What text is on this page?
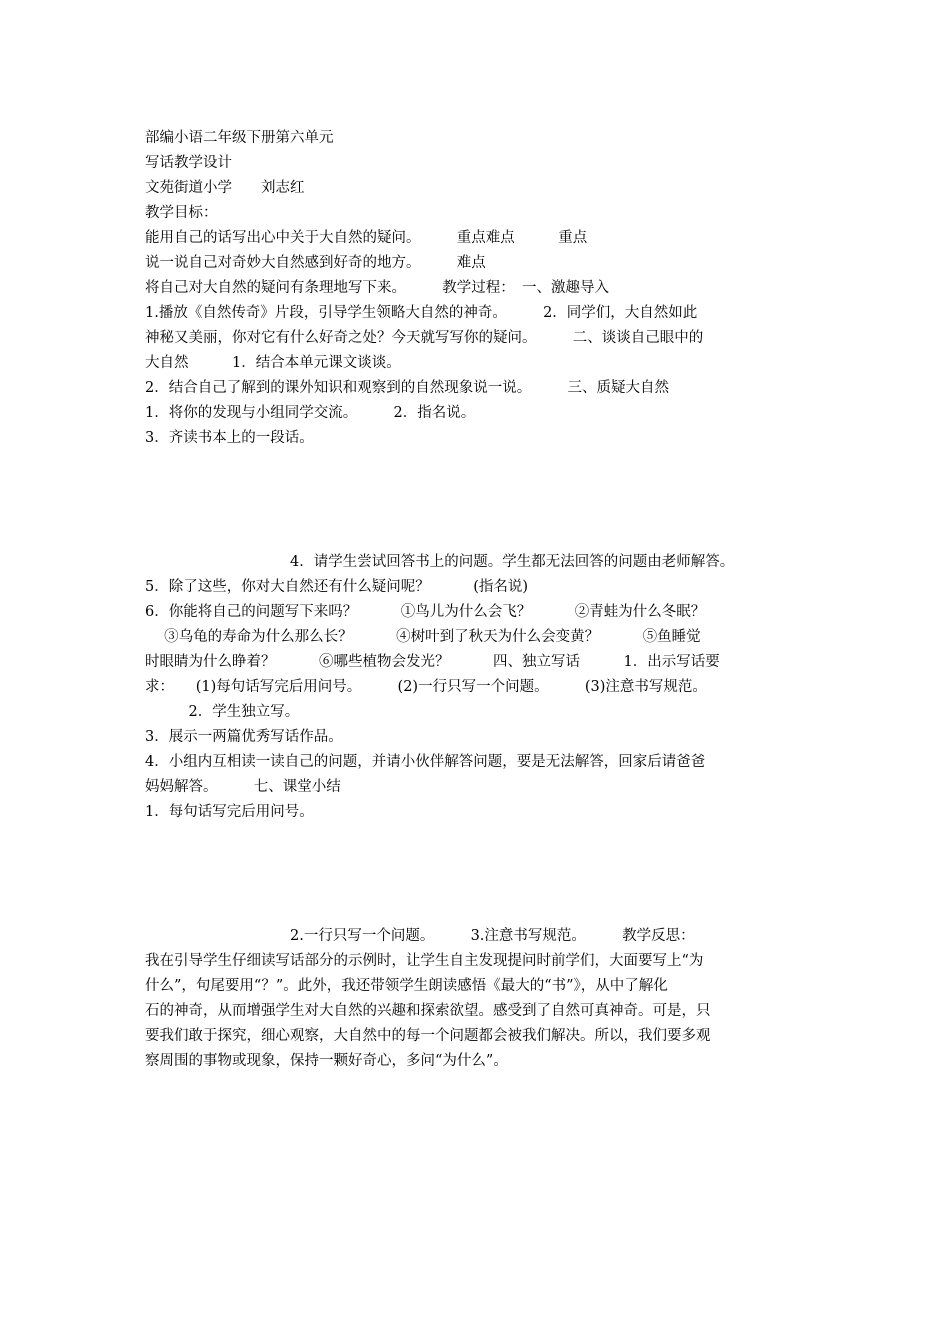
部编小语二年级下册第六单元
写话教学设计
文苑街道小学　　刘志红
教学目标：
能用自己的话写出心中关于大自然的疑问。　　　重点难点　　　重点
说一说自己对奇妙大自然感到好奇的地方。　　　难点
将自己对大自然的疑问有条理地写下来。　　　教学过程：　一、激趣导入
1.播放《自然传奇》片段，引导学生领略大自然的神奇。　　　2．同学们，大自然如此
神秘又美丽，你对它有什么好奇之处？今天就写写你的疑问。　　　二、谈谈自己眼中的
大自然　　　1．结合本单元课文谈谈。
2．结合自己了解到的课外知识和观察到的自然现象说一说。　　　三、质疑大自然
1．将你的发现与小组同学交流。　　　2．指名说。
3．齐读书本上的一段话。
　　　　　　　　　　4．请学生尝试回答书上的问题。学生都无法回答的问题由老师解答。
5．除了这些，你对大自然还有什么疑问呢？　　　(指名说)
6．你能将自己的问题写下来吗？　　　①鸟儿为什么会飞？　　　②青蛙为什么冬眠？
　 ③乌龟的寿命为什么那么长？　　　④树叶到了秋天为什么会变黄？　　　⑤鱼睡觉
时眼睛为什么睁着？　　　⑥哪些植物会发光？　　　四、独立写话　　　1．出示写话要
求：　　(1)每句话写完后用问号。　　　(2)一行只写一个问题。　　　(3)注意书写规范。
　　　2．学生独立写。
3．展示一两篇优秀写话作品。
4．小组内互相读一读自己的问题，并请小伙伴解答问题，要是无法解答，回家后请爸爸
妈妈解答。　　　七、课堂小结
1．每句话写完后用问号。
　　　　　　　　　　2.一行只写一个问题。　　　3.注意书写规范。　　　教学反思：
我在引导学生仔细读写话部分的示例时，让学生自主发现提问时前学们，大面要写上“为
什么”，句尾要用“？”。此外，我还带领学生朗读感悟《最大的“书”》，从中了解化
石的神奇，从而增强学生对大自然的兴趣和探索欲望。感受到了自然可真神奇。可是，只
要我们敢于探究，细心观察，大自然中的每一个问题都会被我们解决。所以，我们要多观
察周围的事物或现象，保持一颗好奇心，多问“为什么”。
